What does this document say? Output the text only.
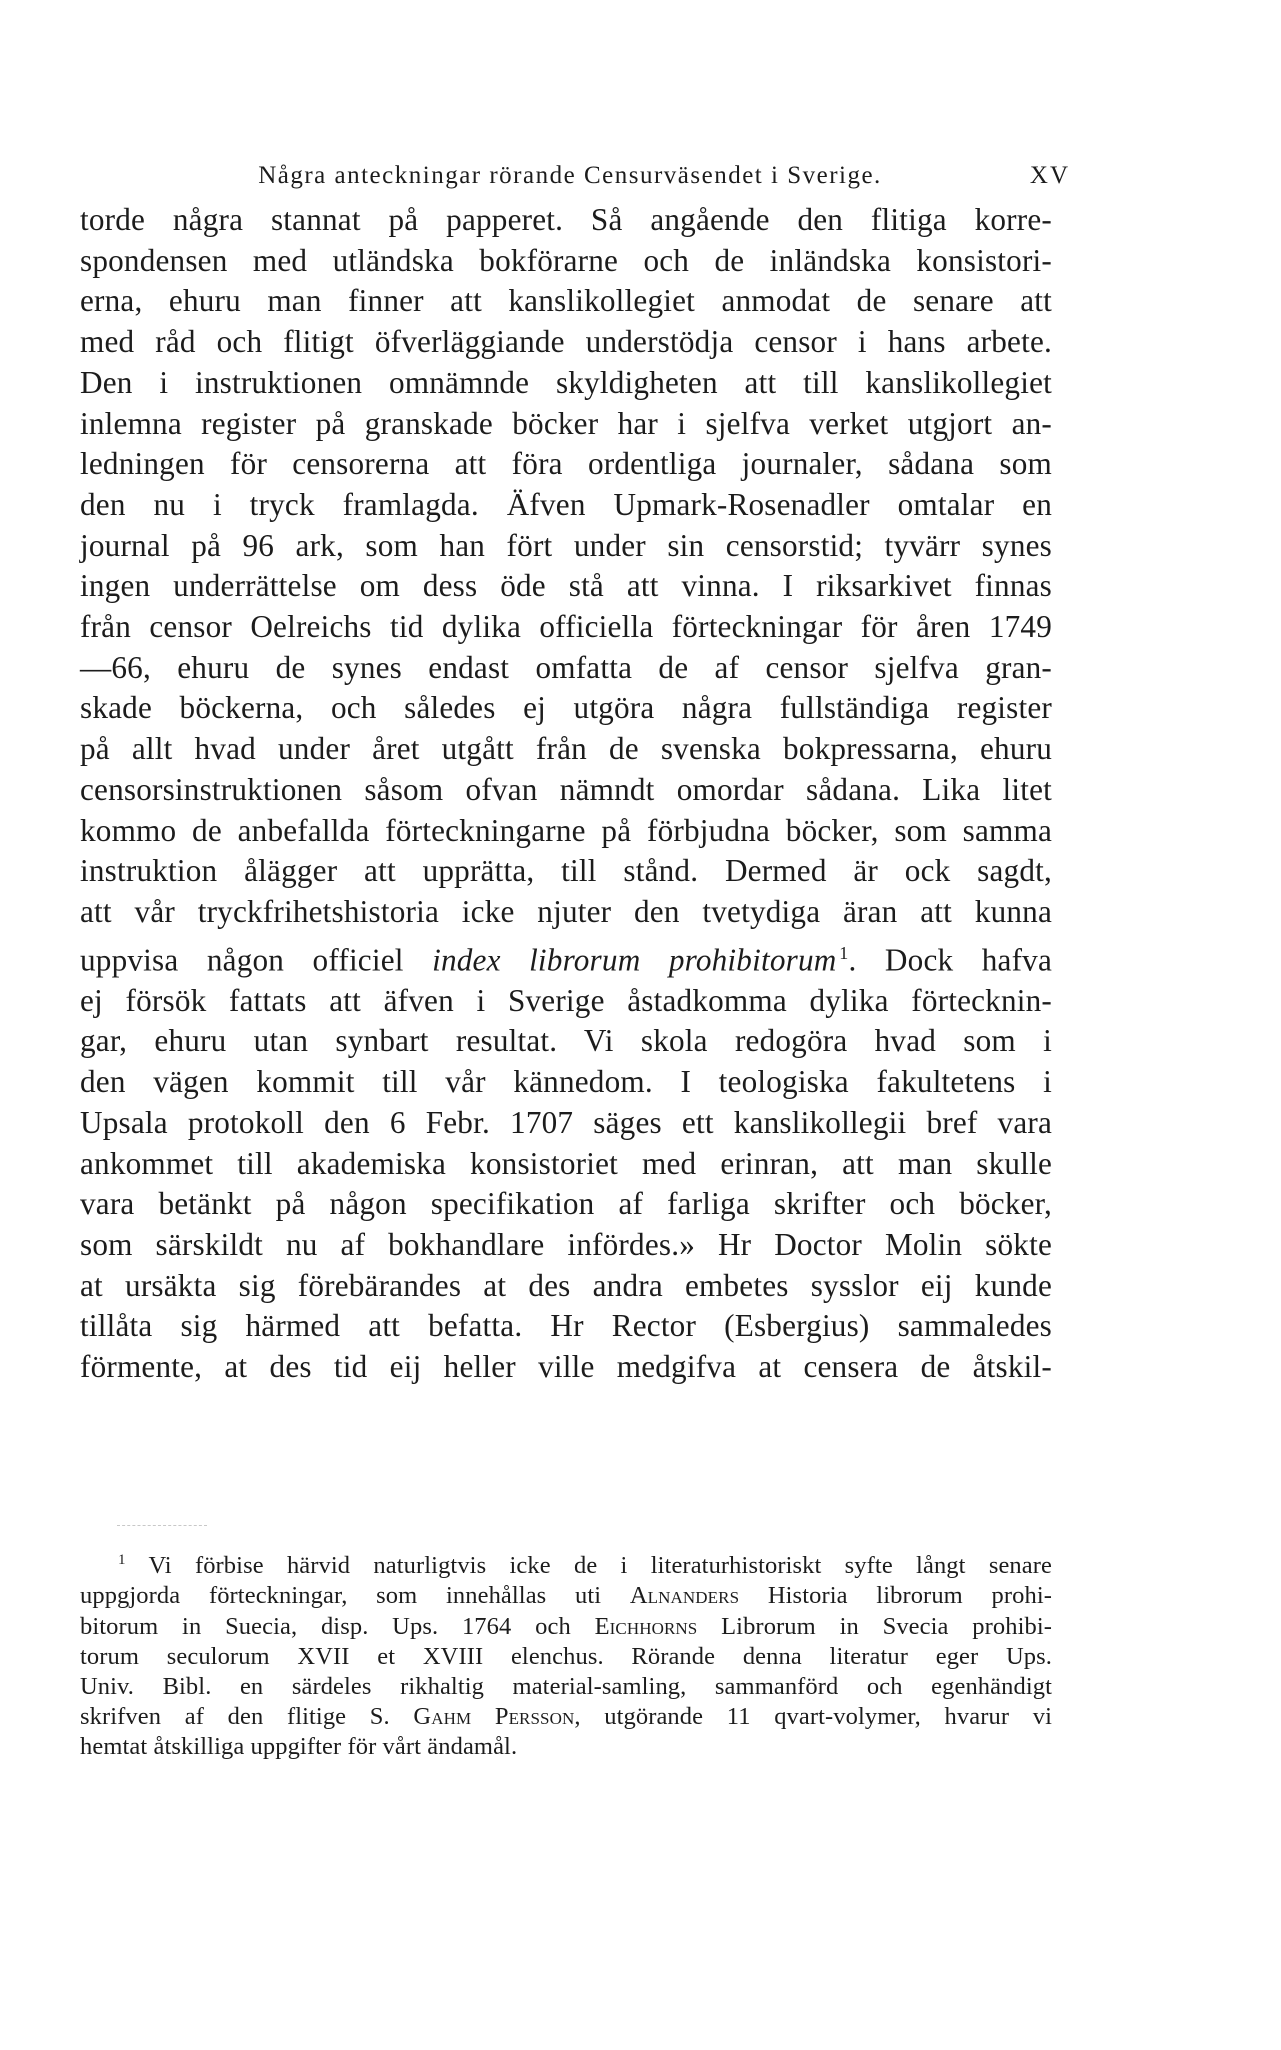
Några anteckningar rörande Censurväsendet i Sverige.	XV
torde några stannat på papperet. Så angående den flitiga korre-
spondensen med utländska bokförarne och de inländska konsistori-
erna, ehuru man finner att kanslikollegiet anmodat de senare att
med råd och flitigt öfverläggiande understödja censor i hans arbete.
Den i instruktionen omnämnde skyldigheten att till kanslikollegiet
inlemna register på granskade böcker har i sjelfva verket utgjort an-
ledningen för censorerna att föra ordentliga journaler, sådana som
den nu i tryck framlagda. Äfven Upmark-Rosenadler omtalar en
journal på 96 ark, som han fört under sin censorstid; tyvärr synes
ingen underrättelse om dess öde stå att vinna. I riksarkivet finnas
från censor Oelreichs tid dylika officiella förteckningar för åren 1749
—66, ehuru de synes endast omfatta de af censor sjelfva gran-
skade böckerna, och således ej utgöra några fullständiga register
på allt hvad under året utgått från de svenska bokpressarna, ehuru
censorsinstruktionen såsom ofvan nämndt omordar sådana. Lika litet
kommo de anbefallda förteckningarne på förbjudna böcker, som samma
instruktion ålägger att upprätta, till stånd. Dermed är ock sagdt,
att vår tryckfrihetshistoria icke njuter den tvetydiga äran att kunna
uppvisa någon officiel index librorum prohibitorum  $^1$. Dock hafva
ej försök fattats att äfven i Sverige åstadkomma dylika förtecknin-
gar, ehuru utan synbart resultat. Vi skola redogöra hvad som i
den vägen kommit till vår kännedom. I teologiska fakultetens i
Upsala protokoll den 6 Febr. 1707 säges ett kanslikollegii bref vara
ankommet till akademiska konsistoriet med erinran, att man skulle
vara betänkt på någon specifikation af farliga skrifter och böcker,
som särskildt nu af bokhandlare infördes.» Hr Doctor Molin sökte
at ursäkta sig förebärandes at des andra embetes sysslor eij kunde
tillåta sig härmed att befatta. Hr Rector (Esbergius) sammaledes
förmente, at des tid eij heller ville medgifva at censera de åtskil-
$^1$ Vi förbise härvid naturligtvis icke de i literaturhistoriskt syfte långt senare
uppgjorda förteckningar, som innehållas uti Alnanders Historia librorum prohi-
bitorum in Suecia, disp. Ups. 1764 och Eichhorns Librorum in Svecia prohibi-
torum seculorum XVII et XVIII elenchus. Rörande denna literatur eger Ups.
Univ. Bibl. en särdeles rikhaltig material-samling, sammanförd och egenhändigt
skrifven af den flitige S. Gahm Persson, utgörande 11 qvart-volymer, hvarur vi
hemtat åtskilliga uppgifter för vårt ändamål.
